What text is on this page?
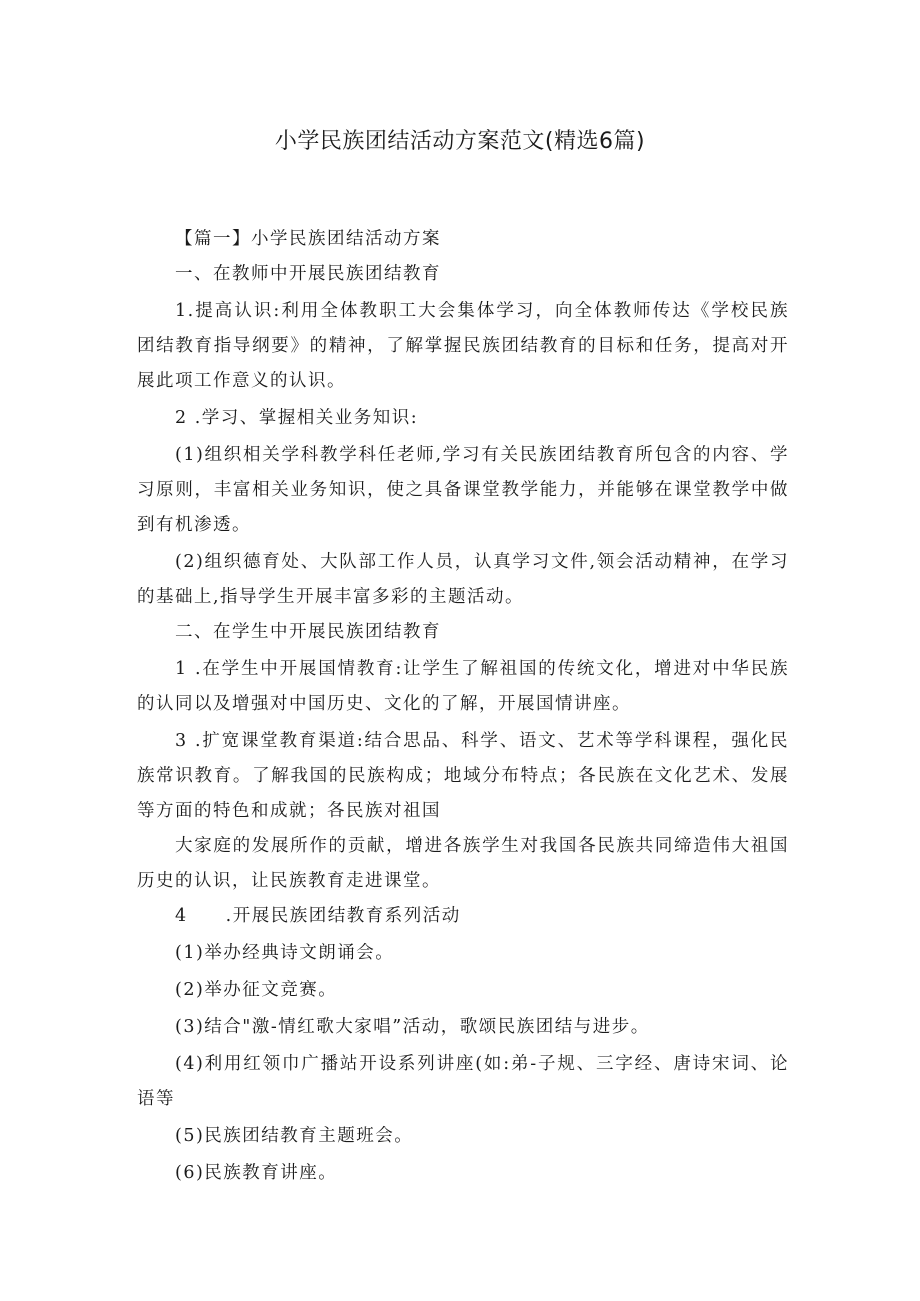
小学民族团结活动方案范文(精选6篇)

【篇一】小学民族团结活动方案

一、在教师中开展民族团结教育

1.提高认识:利用全体教职工大会集体学习，向全体教师传达《学校民族团结教育指导纲要》的精神，了解掌握民族团结教育的目标和任务，提高对开展此项工作意义的认识。

2 .学习、掌握相关业务知识:

(1)组织相关学科教学科任老师,学习有关民族团结教育所包含的内容、学习原则，丰富相关业务知识，使之具备课堂教学能力，并能够在课堂教学中做到有机渗透。

(2)组织德育处、大队部工作人员，认真学习文件,领会活动精神，在学习的基础上,指导学生开展丰富多彩的主题活动。

二、在学生中开展民族团结教育

1 .在学生中开展国情教育:让学生了解祖国的传统文化，增进对中华民族的认同以及增强对中国历史、文化的了解，开展国情讲座。

3 .扩宽课堂教育渠道:结合思品、科学、语文、艺术等学科课程，强化民族常识教育。了解我国的民族构成；地域分布特点；各民族在文化艺术、发展等方面的特色和成就；各民族对祖国

大家庭的发展所作的贡献，增进各族学生对我国各民族共同缔造伟大祖国历史的认识，让民族教育走进课堂。

4　　.开展民族团结教育系列活动

(1)举办经典诗文朗诵会。

(2)举办征文竞赛。

(3)结合"激-情红歌大家唱”活动，歌颂民族团结与进步。

(4)利用红领巾广播站开设系列讲座(如:弟-子规、三字经、唐诗宋词、论语等

(5)民族团结教育主题班会。

(6)民族教育讲座。
